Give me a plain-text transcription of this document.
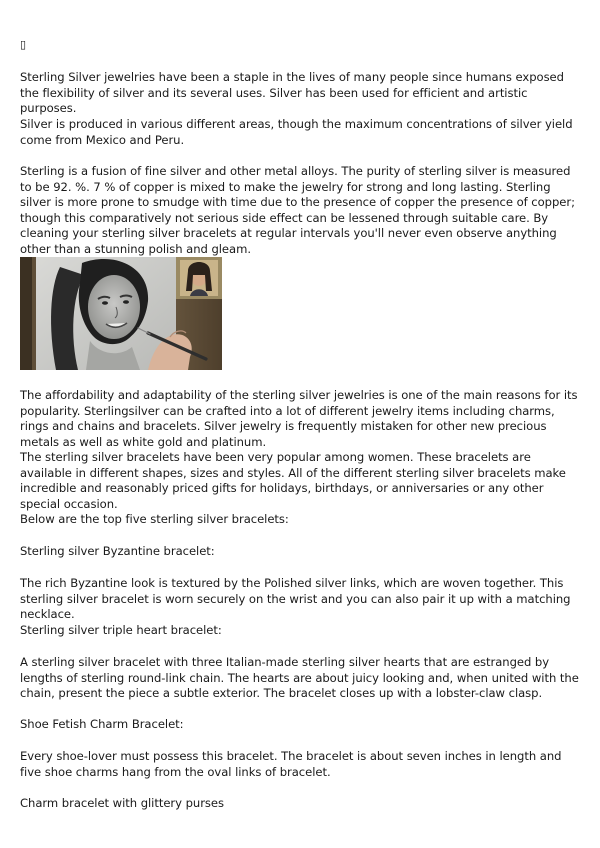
▯

Sterling Silver jewelries have been a staple in the lives of many people since humans exposed the flexibility of silver and its several uses. Silver has been used for efficient and artistic purposes.

Silver is produced in various different areas, though the maximum concentrations of silver yield come from Mexico and Peru.

Sterling is a fusion of fine silver and other metal alloys. The purity of sterling silver is measured to be 92. %. 7 % of copper is mixed to make the jewelry for strong and long lasting. Sterling silver is more prone to smudge with time due to the presence of copper the presence of copper; though this comparatively not serious side effect can be lessened through suitable care. By cleaning your sterling silver bracelets at regular intervals you'll never even observe anything other than a stunning polish and gleam.

The affordability and adaptability of the sterling silver jewelries is one of the main reasons for its popularity. Sterlingsilver can be crafted into a lot of different jewelry items including charms, rings and chains and bracelets. Silver jewelry is frequently mistaken for other new precious metals as well as white gold and platinum.

The sterling silver bracelets have been very popular among women. These bracelets are available in different shapes, sizes and styles. All of the different sterling silver bracelets make incredible and reasonably priced gifts for holidays, birthdays, or anniversaries or any other special occasion.

Below are the top five sterling silver bracelets:

Sterling silver Byzantine bracelet:

The rich Byzantine look is textured by the Polished silver links, which are woven together. This sterling silver bracelet is worn securely on the wrist and you can also pair it up with a matching necklace.

Sterling silver triple heart bracelet:

A sterling silver bracelet with three Italian-made sterling silver hearts that are estranged by lengths of sterling round-link chain. The hearts are about juicy looking and, when united with the chain, present the piece a subtle exterior. The bracelet closes up with a lobster-claw clasp.

Shoe Fetish Charm Bracelet:

Every shoe-lover must possess this bracelet. The bracelet is about seven inches in length and five shoe charms hang from the oval links of bracelet.

Charm bracelet with glittery purses
